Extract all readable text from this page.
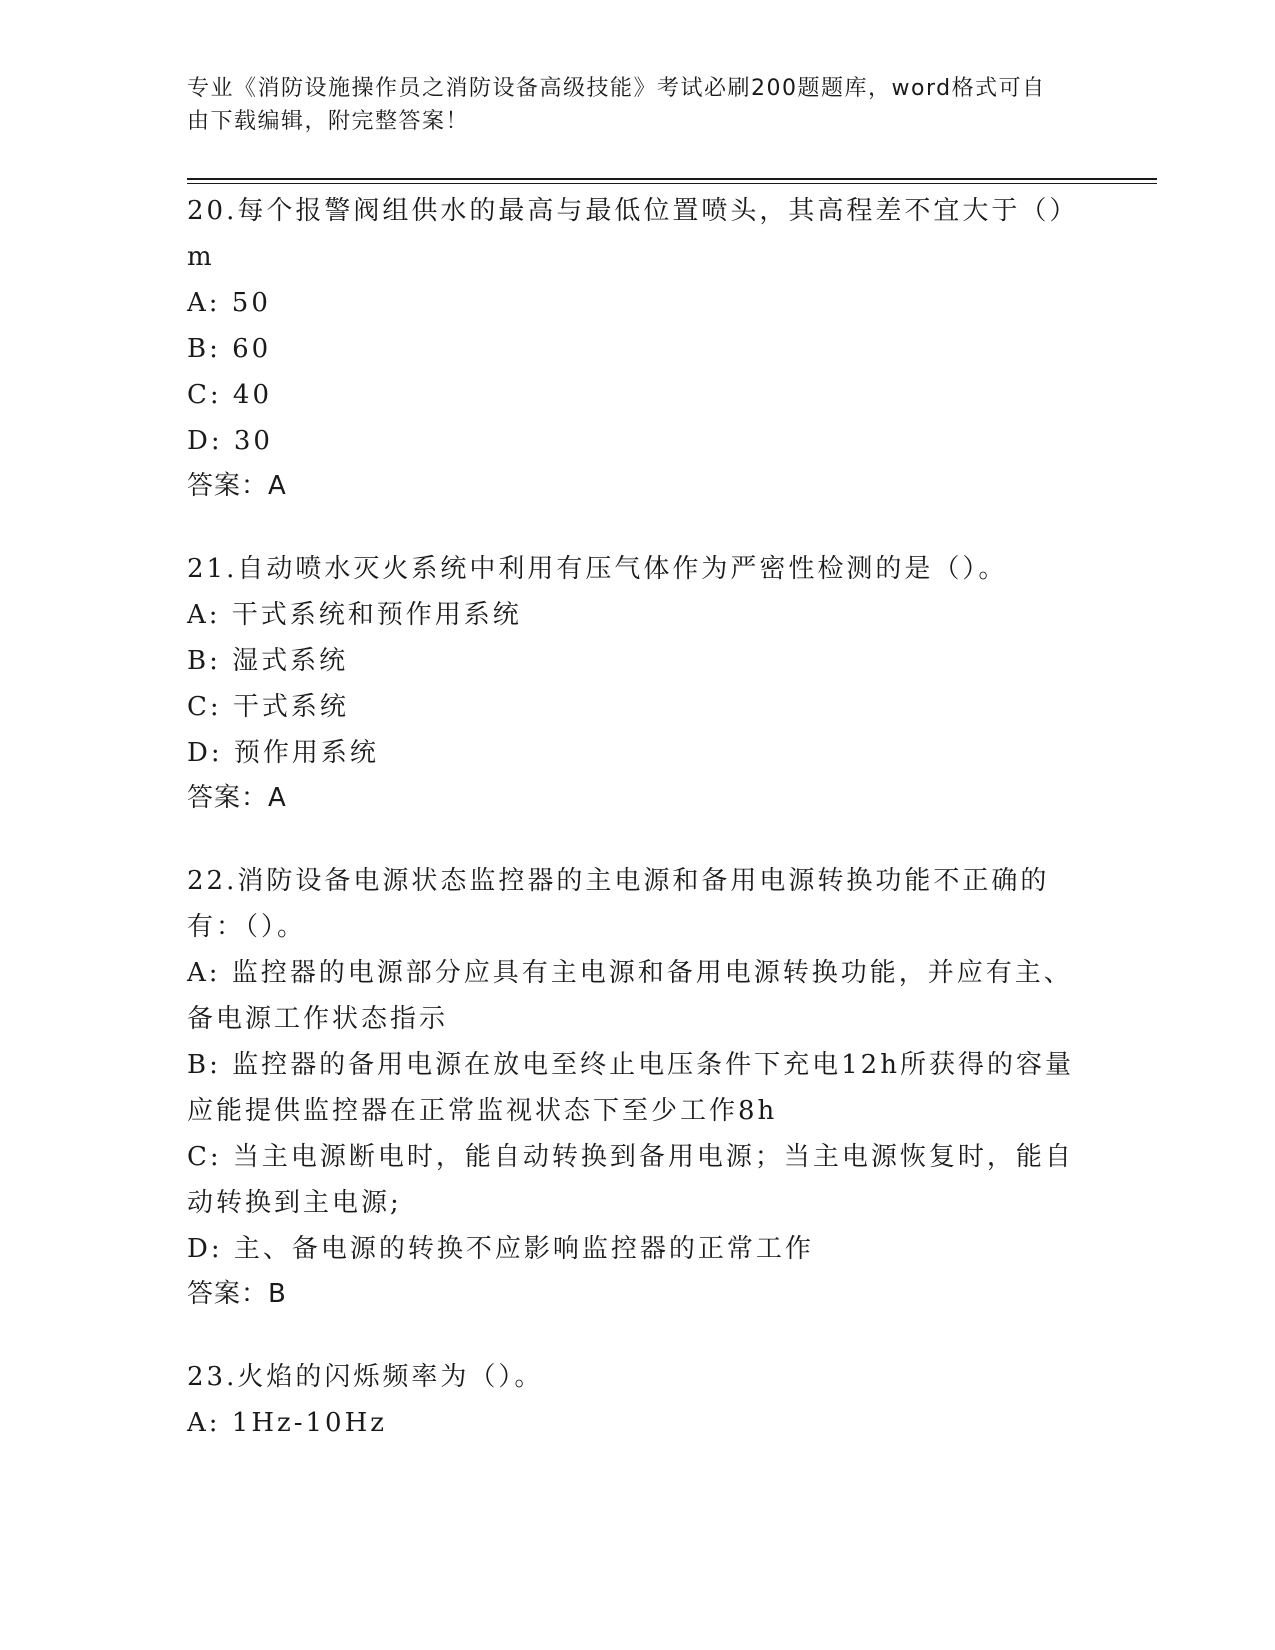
专业《消防设施操作员之消防设备高级技能》考试必刷200题题库，word格式可自由下载编辑，附完整答案！

20.每个报警阀组供水的最高与最低位置喷头，其高程差不宜大于（）m

A: 50

B: 60

C: 40

D: 30

答案：A

21.自动喷水灭火系统中利用有压气体作为严密性检测的是（）。

A: 干式系统和预作用系统

B: 湿式系统

C: 干式系统

D: 预作用系统

答案：A

22.消防设备电源状态监控器的主电源和备用电源转换功能不正确的有：（）。

A: 监控器的电源部分应具有主电源和备用电源转换功能，并应有主、备电源工作状态指示

B: 监控器的备用电源在放电至终止电压条件下充电12h所获得的容量应能提供监控器在正常监视状态下至少工作8h

C: 当主电源断电时，能自动转换到备用电源；当主电源恢复时，能自动转换到主电源;

D: 主、备电源的转换不应影响监控器的正常工作

答案：B

23.火焰的闪烁频率为（）。

A: 1Hz-10Hz
